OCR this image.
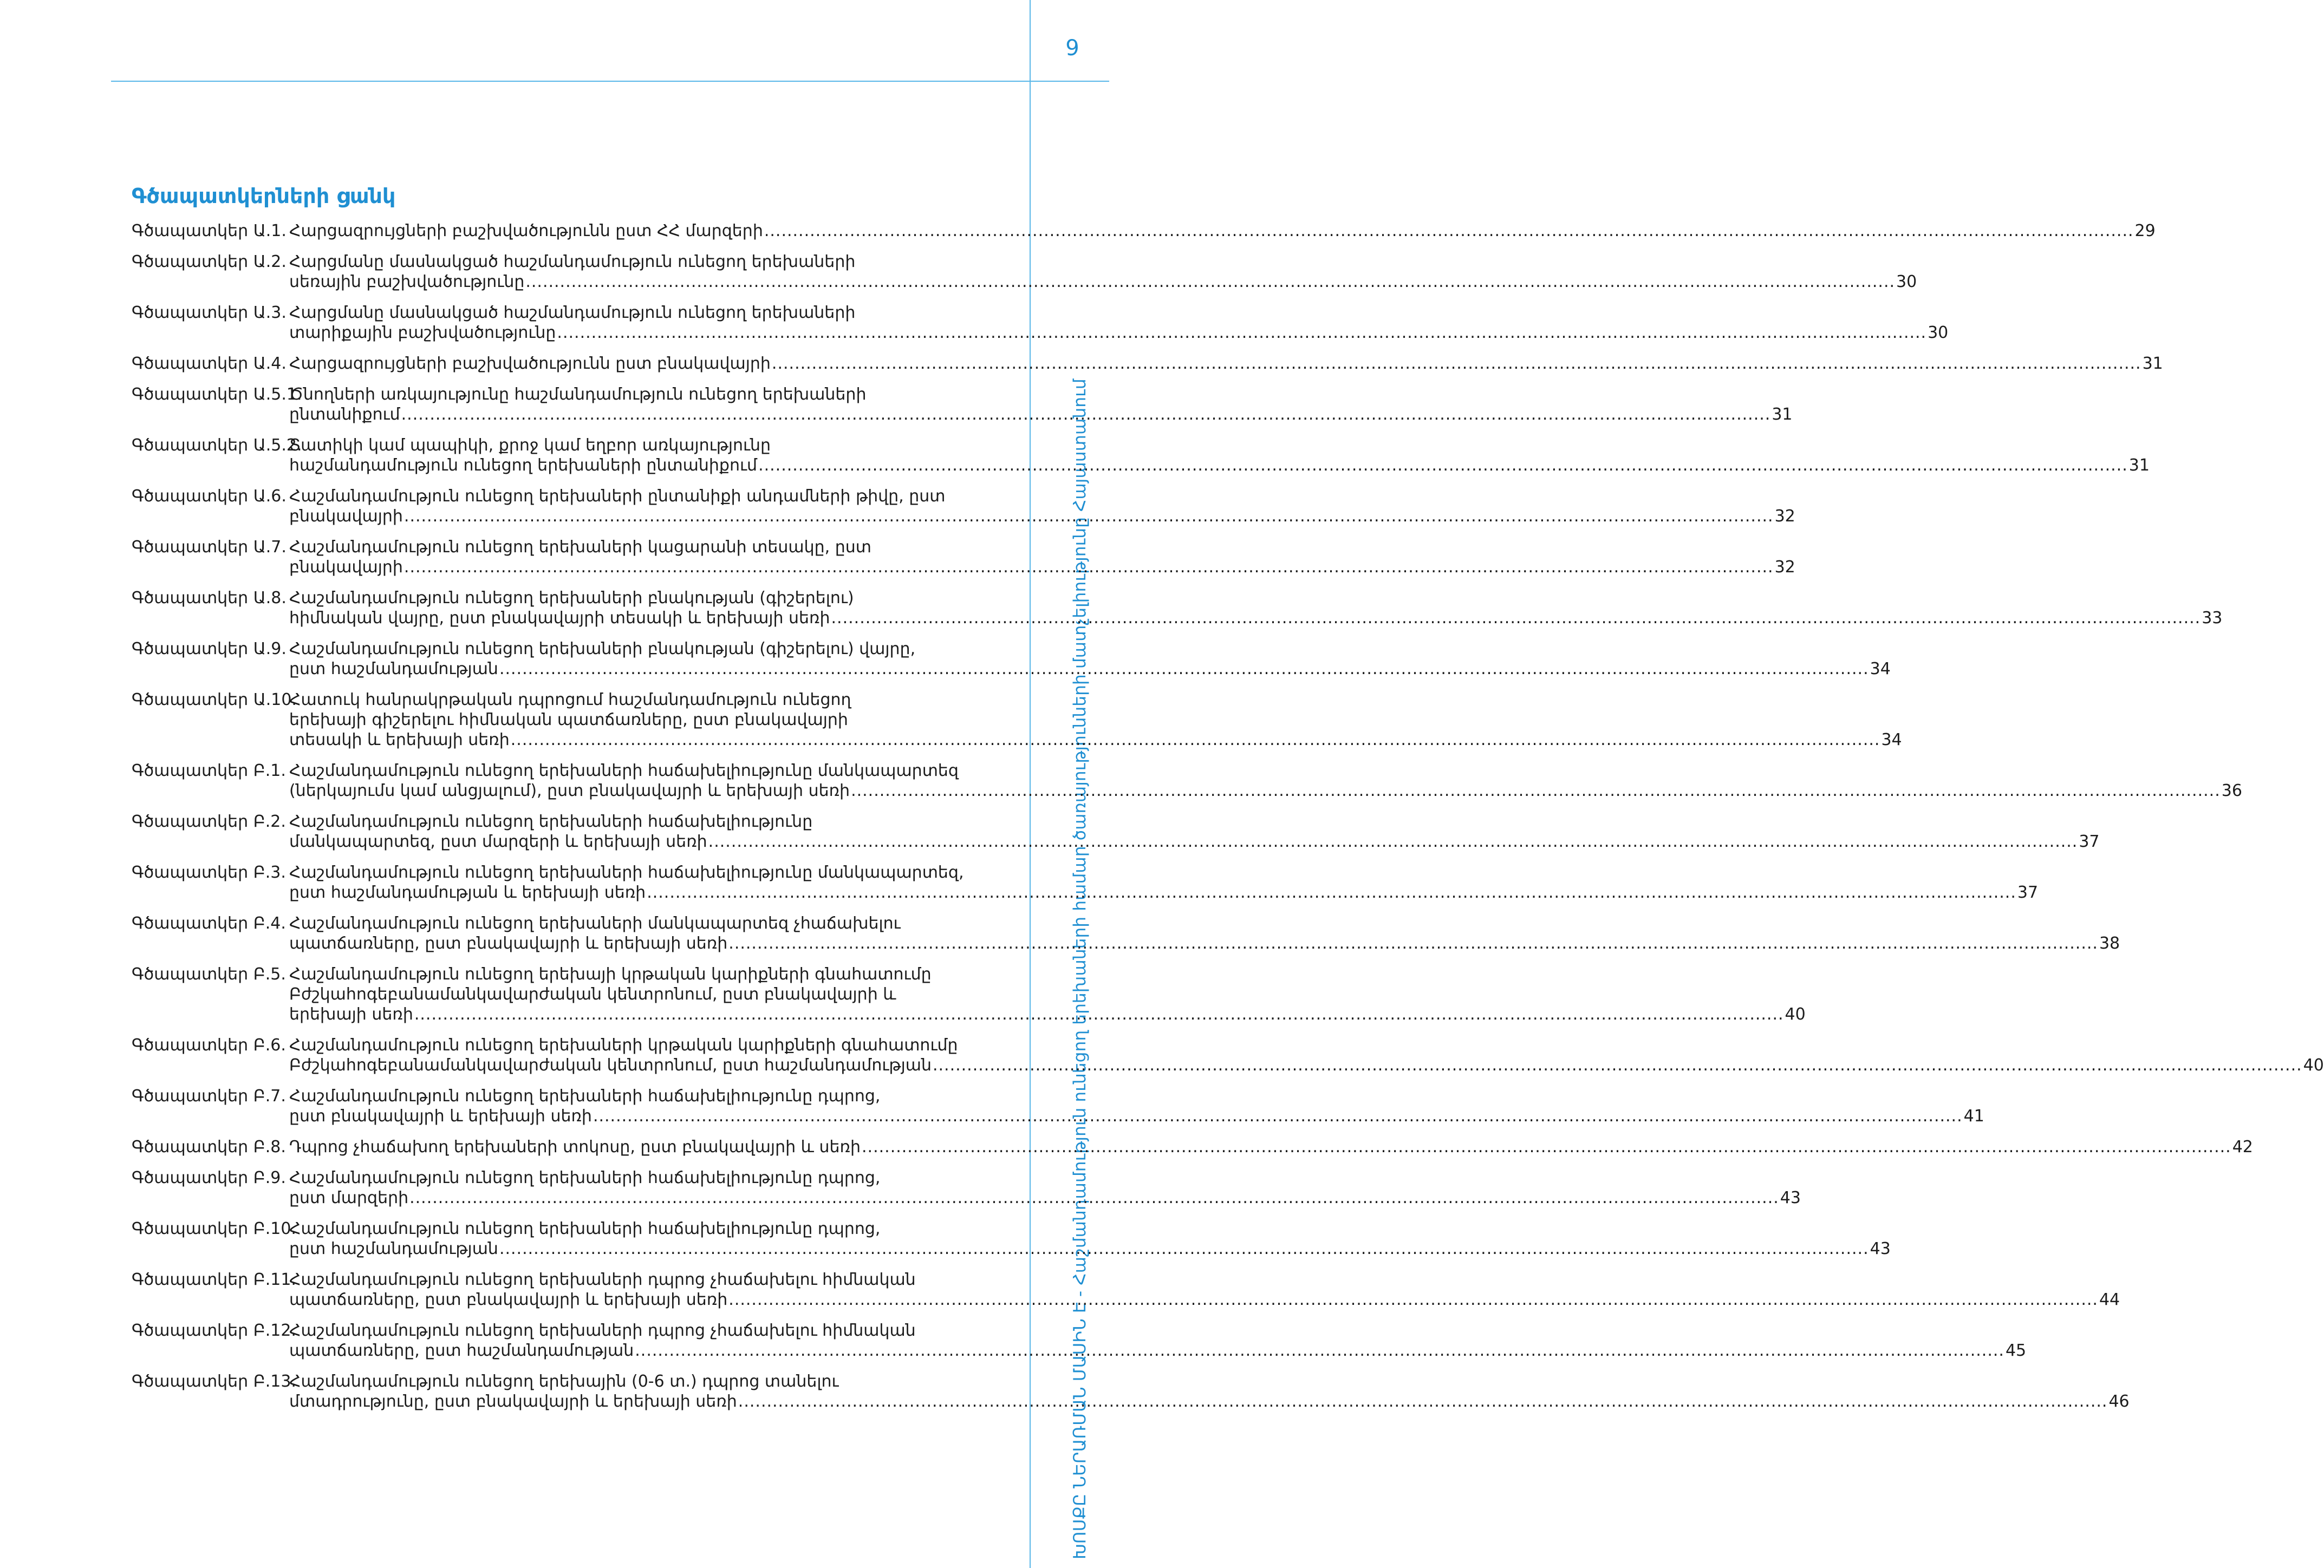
9
ԽՈՍՔԸ ՆԵՐԱՌՄԱՆ ՄԱՍԻՆ Է - Հաշմանդամություն ունեցող երեխաների համար ծառայությունների մատչելիությունը Հայաստանում
Գծապատկերների ցանկ
Գծապատկեր Ա.1. Հարցազրույցների բաշխվածությունն ըստ ՀՀ մարզերի .....	29
Գծապատկեր Ա.2. Հարցմանը մասնակցած հաշմանդամություն ունեցող երեխաների
սեռային բաշխվածությունը .....	30
Գծապատկեր Ա.3. Հարցմանը մասնակցած հաշմանդամություն ունեցող երեխաների
տարիքային բաշխվածությունը .....	30
Գծապատկեր Ա.4. Հարցազրույցների բաշխվածությունն ըստ բնակավայրի .....	31
Գծապատկեր Ա.5.1.
Ծնողների առկայությունը հաշմանդամություն ունեցող երեխաների
ընտանիքում .....	31
Գծապատկեր Ա.5.2.
Տատիկի կամ պապիկի, քրոջ կամ եղբոր առկայությունը
հաշմանդամություն ունեցող երեխաների ընտանիքում .....	31
Գծապատկեր Ա.6. Հաշմանդամություն ունեցող երեխաների ընտանիքի անդամների թիվը, ըստ
բնակավայրի .....	32
Գծապատկեր Ա.7. Հաշմանդամություն ունեցող երեխաների կացարանի տեսակը, ըստ
բնակավայրի .....	32
Գծապատկեր Ա.8. Հաշմանդամություն ունեցող երեխաների բնակության (գիշերելու)
հիմնական վայրը, ըստ բնակավայրի տեսակի և երեխայի սեռի .....	33
Գծապատկեր Ա.9. Հաշմանդամություն ունեցող երեխաների բնակության (գիշերելու) վայրը,
ըստ հաշմանդամության .....	34
Գծապատկեր Ա.10.
Հատուկ հանրակրթական դպրոցում հաշմանդամություն ունեցող
երեխայի գիշերելու հիմնական պատճառները, ըստ բնակավայրի
տեսակի և երեխայի սեռի .....	34
Գծապատկեր Բ.1. Հաշմանդամություն ունեցող երեխաների հաճախելիությունը մանկապարտեզ
(ներկայումս կամ անցյալում), ըստ բնակավայրի և երեխայի սեռի .....	36
Գծապատկեր Բ.2. Հաշմանդամություն ունեցող երեխաների հաճախելիությունը
մանկապարտեզ, ըստ մարզերի և երեխայի սեռի .....	37
Գծապատկեր Բ.3. Հաշմանդամություն ունեցող երեխաների հաճախելիությունը մանկապարտեզ,
ըստ հաշմանդամության և երեխայի սեռի .....	37
Գծապատկեր Բ.4. Հաշմանդամություն ունեցող երեխաների մանկապարտեզ չհաճախելու
պատճառները, ըստ բնակավայրի և երեխայի սեռի .....	38
Գծապատկեր Բ.5. Հաշմանդամություն ունեցող երեխայի կրթական կարիքների գնահատումը
Բժշկահոգեբանամանկավարժական կենտրոնում, ըստ բնակավայրի և
երեխայի սեռի .....	40
Գծապատկեր Բ.6. Հաշմանդամություն ունեցող երեխաների կրթական կարիքների գնահատումը
Բժշկահոգեբանամանկավարժական կենտրոնում, ըստ հաշմանդամության .....	40
Գծապատկեր Բ.7. Հաշմանդամություն ունեցող երեխաների հաճախելիությունը դպրոց,
ըստ բնակավայրի և երեխայի սեռի .....	41
Գծապատկեր Բ.8. Դպրոց չհաճախող երեխաների տոկոսը, ըստ բնակավայրի և սեռի .....	42
Գծապատկեր Բ.9. Հաշմանդամություն ունեցող երեխաների հաճախելիությունը դպրոց,
ըստ մարզերի .....	43
Գծապատկեր Բ.10.
Հաշմանդամություն ունեցող երեխաների հաճախելիությունը դպրոց,
ըստ հաշմանդամության .....	43
Գծապատկեր Բ.11.
Հաշմանդամություն ունեցող երեխաների դպրոց չհաճախելու հիմնական
պատճառները, ըստ բնակավայրի և երեխայի սեռի .....	44
Գծապատկեր Բ.12.
Հաշմանդամություն ունեցող երեխաների դպրոց չհաճախելու հիմնական
պատճառները, ըստ հաշմանդամության .....	45
Գծապատկեր Բ.13.
Հաշմանդամություն ունեցող երեխային (0-6 տ.) դպրոց տանելու
մտադրությունը, ըստ բնակավայրի և երեխայի սեռի .....	46
